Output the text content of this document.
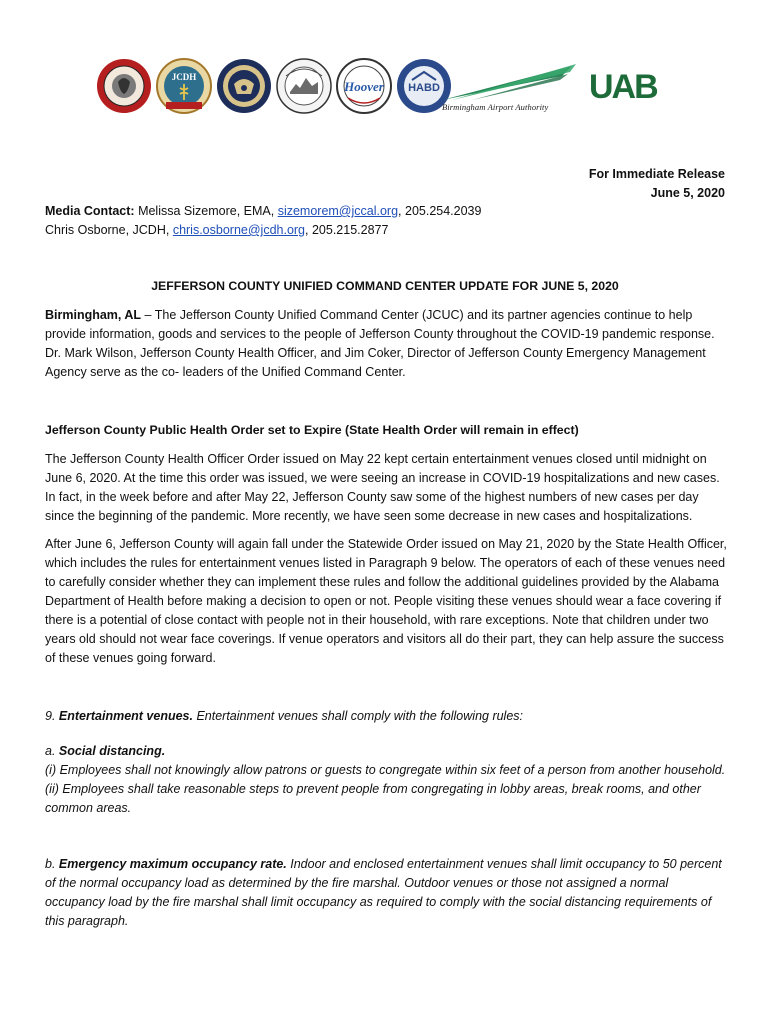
JCDH
Hoover HABD
Birmingham Airport Authority
UAB
For Immediate Release
June 5, 2020
Media Contact: Melissa Sizemore, EMA, sizemorem@jccal.org, 205.254.2039
Chris Osborne, JCDH, chris.osborne@jcdh.org, 205.215.2877
JEFFERSON COUNTY UNIFIED COMMAND CENTER UPDATE FOR JUNE 5, 2020
Birmingham, AL – The Jefferson County Unified Command Center (JCUC) and its partner agencies continue to help provide information, goods and services to the people of Jefferson County throughout the COVID-19 pandemic response. Dr. Mark Wilson, Jefferson County Health Officer, and Jim Coker, Director of Jefferson County Emergency Management Agency serve as the co- leaders of the Unified Command Center.
Jefferson County Public Health Order set to Expire (State Health Order will remain in effect)
The Jefferson County Health Officer Order issued on May 22 kept certain entertainment venues closed until midnight on June 6, 2020. At the time this order was issued, we were seeing an increase in COVID-19 hospitalizations and new cases. In fact, in the week before and after May 22, Jefferson County saw some of the highest numbers of new cases per day since the beginning of the pandemic. More recently, we have seen some decrease in new cases and hospitalizations.
After June 6, Jefferson County will again fall under the Statewide Order issued on May 21, 2020 by the State Health Officer, which includes the rules for entertainment venues listed in Paragraph 9 below. The operators of each of these venues need to carefully consider whether they can implement these rules and follow the additional guidelines provided by the Alabama Department of Health before making a decision to open or not. People visiting these venues should wear a face covering if there is a potential of close contact with people not in their household, with rare exceptions. Note that children under two years old should not wear face coverings. If venue operators and visitors all do their part, they can help assure the success of these venues going forward.
9. Entertainment venues. Entertainment venues shall comply with the following rules:
a. Social distancing.
(i) Employees shall not knowingly allow patrons or guests to congregate within six feet of a person from another household.
(ii) Employees shall take reasonable steps to prevent people from congregating in lobby areas, break rooms, and other common areas.
b. Emergency maximum occupancy rate. Indoor and enclosed entertainment venues shall limit occupancy to 50 percent of the normal occupancy load as determined by the fire marshal. Outdoor venues or those not assigned a normal occupancy load by the fire marshal shall limit occupancy as required to comply with the social distancing requirements of this paragraph.
